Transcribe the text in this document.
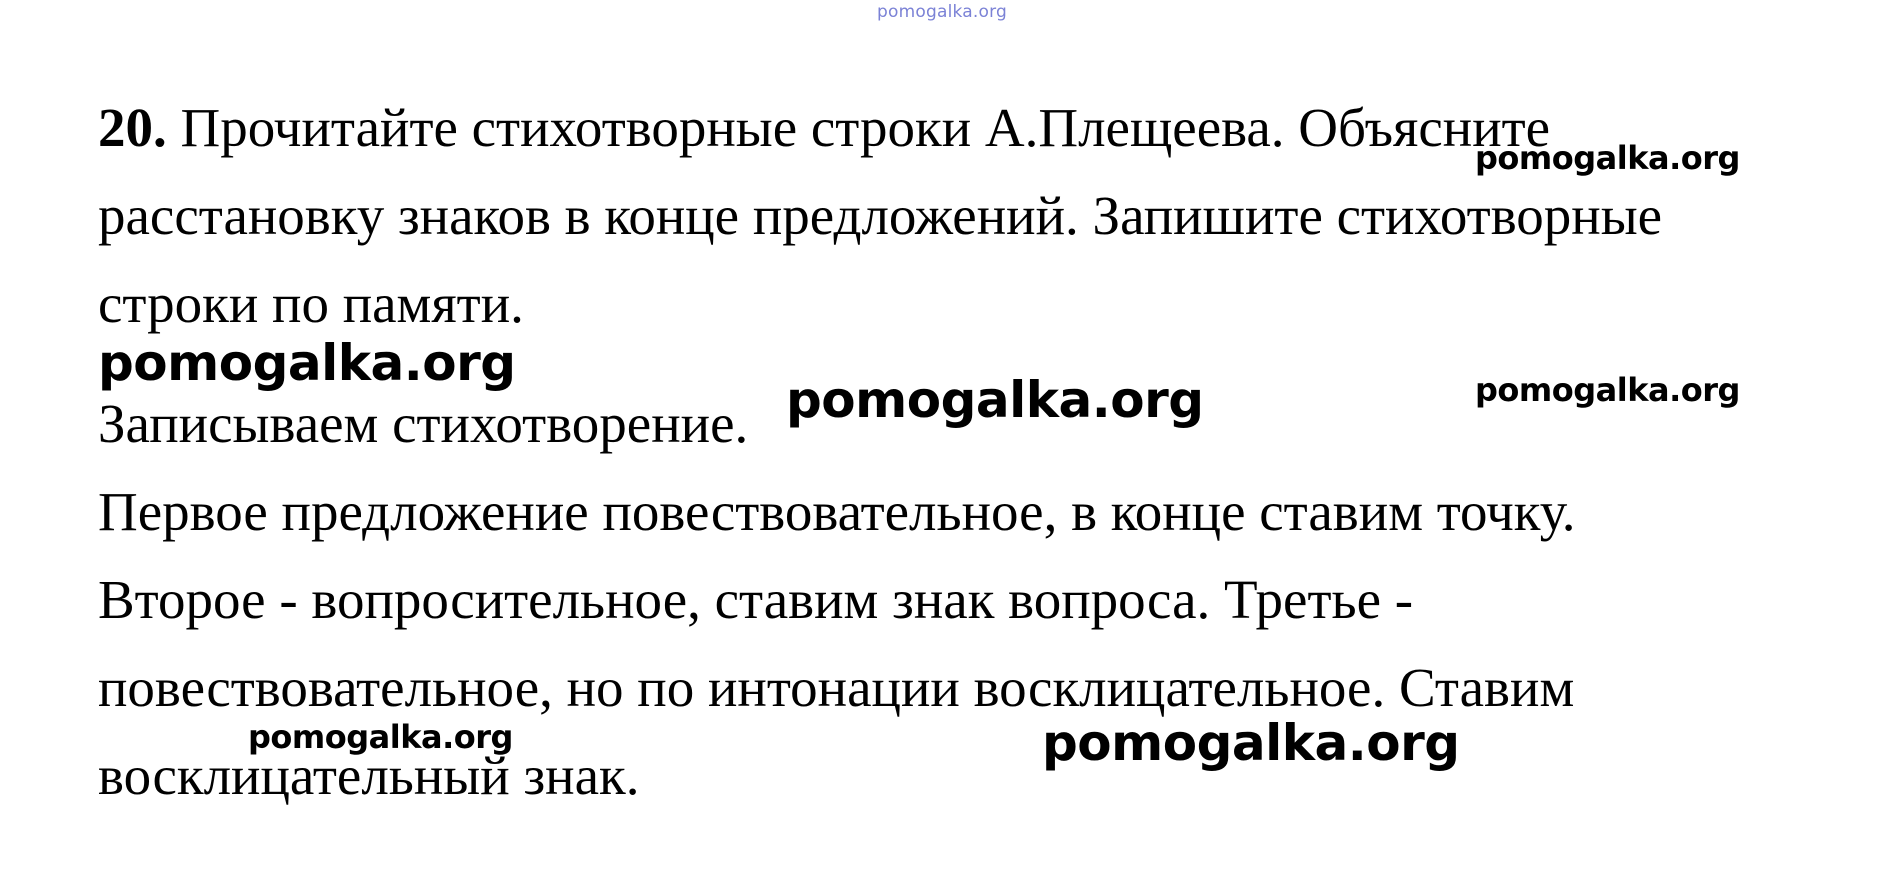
pomogalka.org
20. Прочитайте стихотворные строки А.Плещеева. Объясните
расстановку знаков в конце предложений. Запишите стихотворные
строки по памяти.
Записываем стихотворение.
Первое предложение повествовательное, в конце ставим точку.
Второе - вопросительное, ставим знак вопроса. Третье -
повествовательное, но по интонации восклицательное. Ставим
восклицательный знак.
pomogalka.org
pomogalka.org
pomogalka.org	pomogalka.org
pomogalka.org	pomogalka.org
